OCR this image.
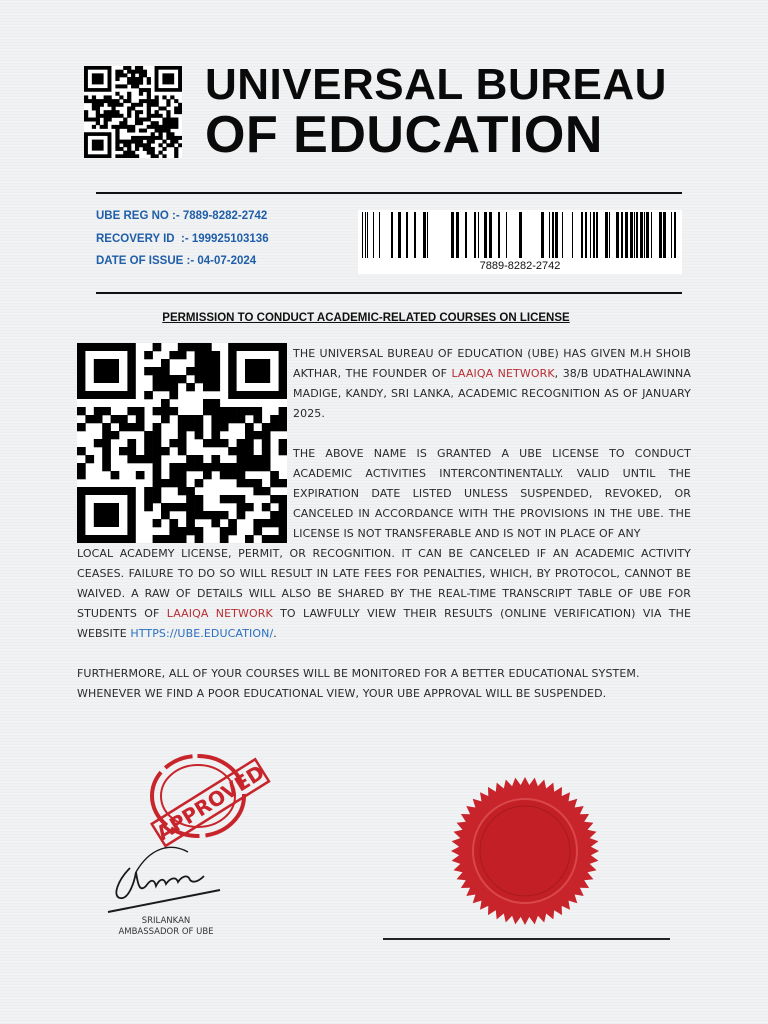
UNIVERSAL BUREAU
OF EDUCATION
UBE REG NO :- 7889-8282-2742
RECOVERY ID  :- 199925103136
DATE OF ISSUE :- 04-07-2024	7889-8282-2742
PERMISSION TO CONDUCT ACADEMIC-RELATED COURSES ON LICENSE
THE UNIVERSAL BUREAU OF EDUCATION (UBE) HAS GIVEN M.H SHOIB AKTHAR, THE FOUNDER OF LAAIQA NETWORK, 38/B UDATHALAWINNA MADIGE, KANDY, SRI LANKA, ACADEMIC RECOGNITION AS OF JANUARY 2025.
THE ABOVE NAME IS GRANTED A UBE LICENSE TO CONDUCT ACADEMIC ACTIVITIES INTERCONTINENTALLY. VALID UNTIL THE EXPIRATION DATE LISTED UNLESS SUSPENDED, REVOKED, OR CANCELED IN ACCORDANCE WITH THE PROVISIONS IN THE UBE. THE LICENSE IS NOT TRANSFERABLE AND IS NOT IN PLACE OF ANY
LOCAL ACADEMY LICENSE, PERMIT, OR RECOGNITION. IT CAN BE CANCELED IF AN ACADEMIC ACTIVITY CEASES. FAILURE TO DO SO WILL RESULT IN LATE FEES FOR PENALTIES, WHICH, BY PROTOCOL, CANNOT BE WAIVED. A RAW OF DETAILS WILL ALSO BE SHARED BY THE REAL-TIME TRANSCRIPT TABLE OF UBE FOR STUDENTS OF LAAIQA NETWORK TO LAWFULLY VIEW THEIR RESULTS (ONLINE VERIFICATION) VIA THE WEBSITE HTTPS://UBE.EDUCATION/.
FURTHERMORE, ALL OF YOUR COURSES WILL BE MONITORED FOR A BETTER EDUCATIONAL SYSTEM. WHENEVER WE FIND A POOR EDUCATIONAL VIEW, YOUR UBE APPROVAL WILL BE SUSPENDED.
APPROVED
SRILANKAN
AMBASSADOR OF UBE
